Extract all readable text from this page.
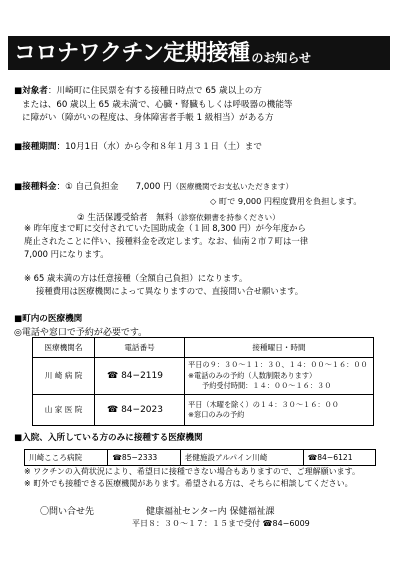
コロナワクチン定期接種 のお知らせ
■対象者：川崎町に住民票を有する接種日時点で 65 歳以上の方
または、60 歳以上 65 歳未満で、心臓・腎臓もしくは呼吸器の機能等
に障がい（障がいの程度は、身体障害者手帳 1 級相当）がある方
■接種期間：10月1日（水）から令和８年１月３１日（土）まで
■接種料金：① 自己負担金　　7,000 円（医療機関でお支払いただきます）
◇ 町で 9,000 円程度費用を負担します。
② 生活保護受給者　無料（診察依頼書を持参ください）
※ 昨年度まで町に交付されていた国助成金（１回 8,300 円）が今年度から
廃止されたことに伴い、接種料金を改定します。なお、仙南２市７町は一律
7,000 円になります。
※ 65 歳未満の方は任意接種（全額自己負担）になります。
接種費用は医療機関によって異なりますので、直接問い合せ願います。
■町内の医療機関
◎電話や窓口で予約が必要です。
医療機関名	電話番号	接種曜日・時間
川 崎 病 院	☎ 84−2119	平日の９：３０〜１１：３０、１４：００〜１６：００
※電話のみの予約（人数制限あります）
予約受付時間：１４：００〜１６：３０

山 家 医 院	☎ 84−2023	平日（木曜を除く）の１４：３０〜１６：００
※窓口のみの予約
■入院、入所している方のみに接種する医療機関
川崎こころ病院	☎85−2333	老健施設アルパイン川崎	☎84−6121
※ ワクチンの入荷状況により、希望日に接種できない場合もありますので、ご理解願います。
※ 町外でも接種できる医療機関があります。希望される方は、そちらに相談してください。
〇問い合せ先	健康福祉センター内 保健福祉課
平日８：３０〜１７：１５まで受付 ☎84−6009
